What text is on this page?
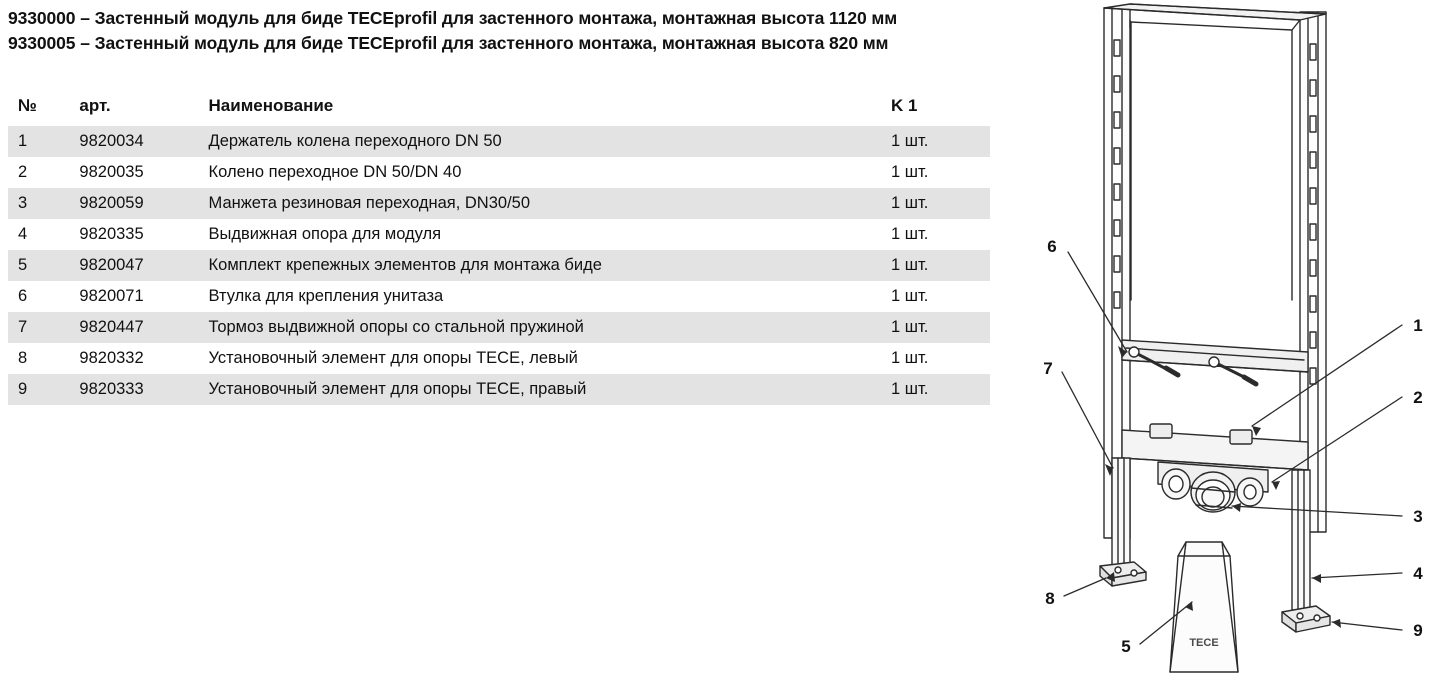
9330000 – Застенный модуль для биде TECEprofil для застенного монтажа, монтажная высота 1120 мм
9330005 – Застенный модуль для биде TECEprofil для застенного монтажа, монтажная высота 820 мм
№	арт.	Наименование	K 1
1	9820034	Держатель колена переходного DN 50	1 шт.
2	9820035	Колено переходное DN 50/DN 40	1 шт.
3	9820059	Манжета резиновая переходная, DN30/50	1 шт.
4	9820335	Выдвижная опора для модуля	1 шт.
5	9820047	Комплект крепежных элементов для монтажа биде	1 шт.
6	9820071	Втулка для крепления унитаза	1 шт.
7	9820447	Тормоз выдвижной опоры со стальной пружиной	1 шт.
8	9820332	Установочный элемент для опоры TECE, левый	1 шт.
9	9820333	Установочный элемент для опоры TECE, правый	1 шт.
6
7
8
5
1
2
3
4
9
TECE
